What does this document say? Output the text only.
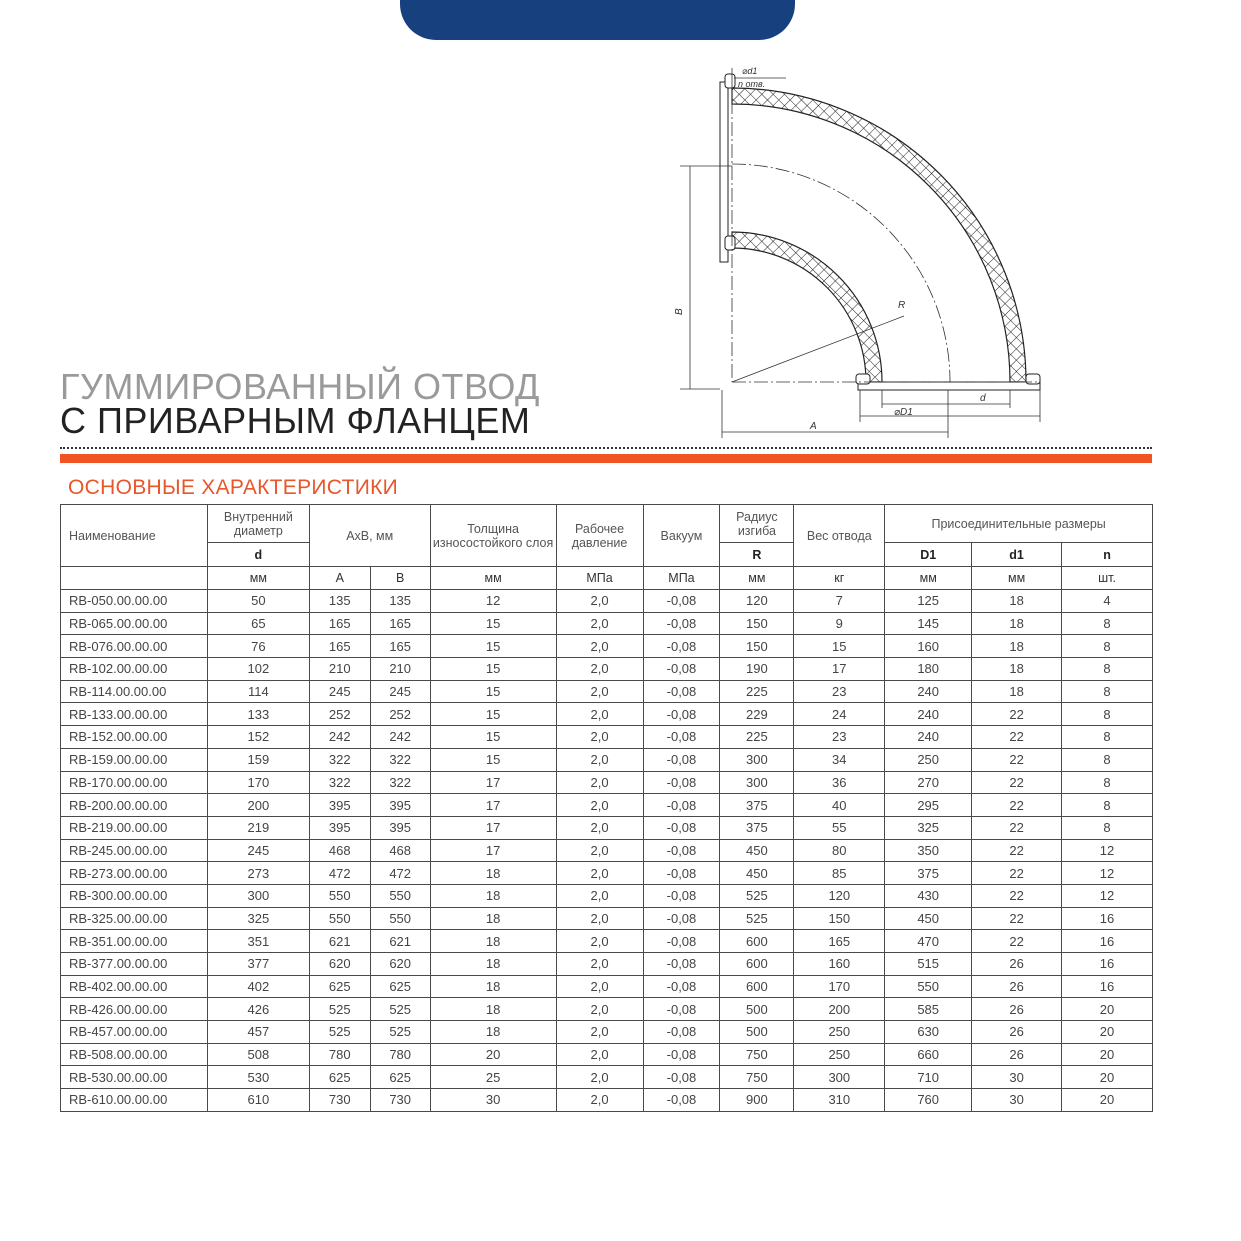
⌀d1
n отв.
B
R
d
⌀D1
A
ГУММИРОВАННЫЙ ОТВОД
С ПРИВАРНЫМ ФЛАНЦЕМ
ОСНОВНЫЕ ХАРАКТЕРИСТИКИ
Наименование	Внутренний диаметр	АхВ, мм		Толщина износостойкого слоя	Рабочее давление	Вакуум	Радиус изгиба	Вес отвода	Присоединительные размеры		
	d						R		D1	d1	n
	мм	А	В	мм	МПа	МПа	мм	кг	мм	мм	шт.
RB-050.00.00.00	50	135	135	12	2,0	-0,08	120	7	125	18	4
RB-065.00.00.00	65	165	165	15	2,0	-0,08	150	9	145	18	8
RB-076.00.00.00	76	165	165	15	2,0	-0,08	150	15	160	18	8
RB-102.00.00.00	102	210	210	15	2,0	-0,08	190	17	180	18	8
RB-114.00.00.00	114	245	245	15	2,0	-0,08	225	23	240	18	8
RB-133.00.00.00	133	252	252	15	2,0	-0,08	229	24	240	22	8
RB-152.00.00.00	152	242	242	15	2,0	-0,08	225	23	240	22	8
RB-159.00.00.00	159	322	322	15	2,0	-0,08	300	34	250	22	8
RB-170.00.00.00	170	322	322	17	2,0	-0,08	300	36	270	22	8
RB-200.00.00.00	200	395	395	17	2,0	-0,08	375	40	295	22	8
RB-219.00.00.00	219	395	395	17	2,0	-0,08	375	55	325	22	8
RB-245.00.00.00	245	468	468	17	2,0	-0,08	450	80	350	22	12
RB-273.00.00.00	273	472	472	18	2,0	-0,08	450	85	375	22	12
RB-300.00.00.00	300	550	550	18	2,0	-0,08	525	120	430	22	12
RB-325.00.00.00	325	550	550	18	2,0	-0,08	525	150	450	22	16
RB-351.00.00.00	351	621	621	18	2,0	-0,08	600	165	470	22	16
RB-377.00.00.00	377	620	620	18	2,0	-0,08	600	160	515	26	16
RB-402.00.00.00	402	625	625	18	2,0	-0,08	600	170	550	26	16
RB-426.00.00.00	426	525	525	18	2,0	-0,08	500	200	585	26	20
RB-457.00.00.00	457	525	525	18	2,0	-0,08	500	250	630	26	20
RB-508.00.00.00	508	780	780	20	2,0	-0,08	750	250	660	26	20
RB-530.00.00.00	530	625	625	25	2,0	-0,08	750	300	710	30	20
RB-610.00.00.00	610	730	730	30	2,0	-0,08	900	310	760	30	20
